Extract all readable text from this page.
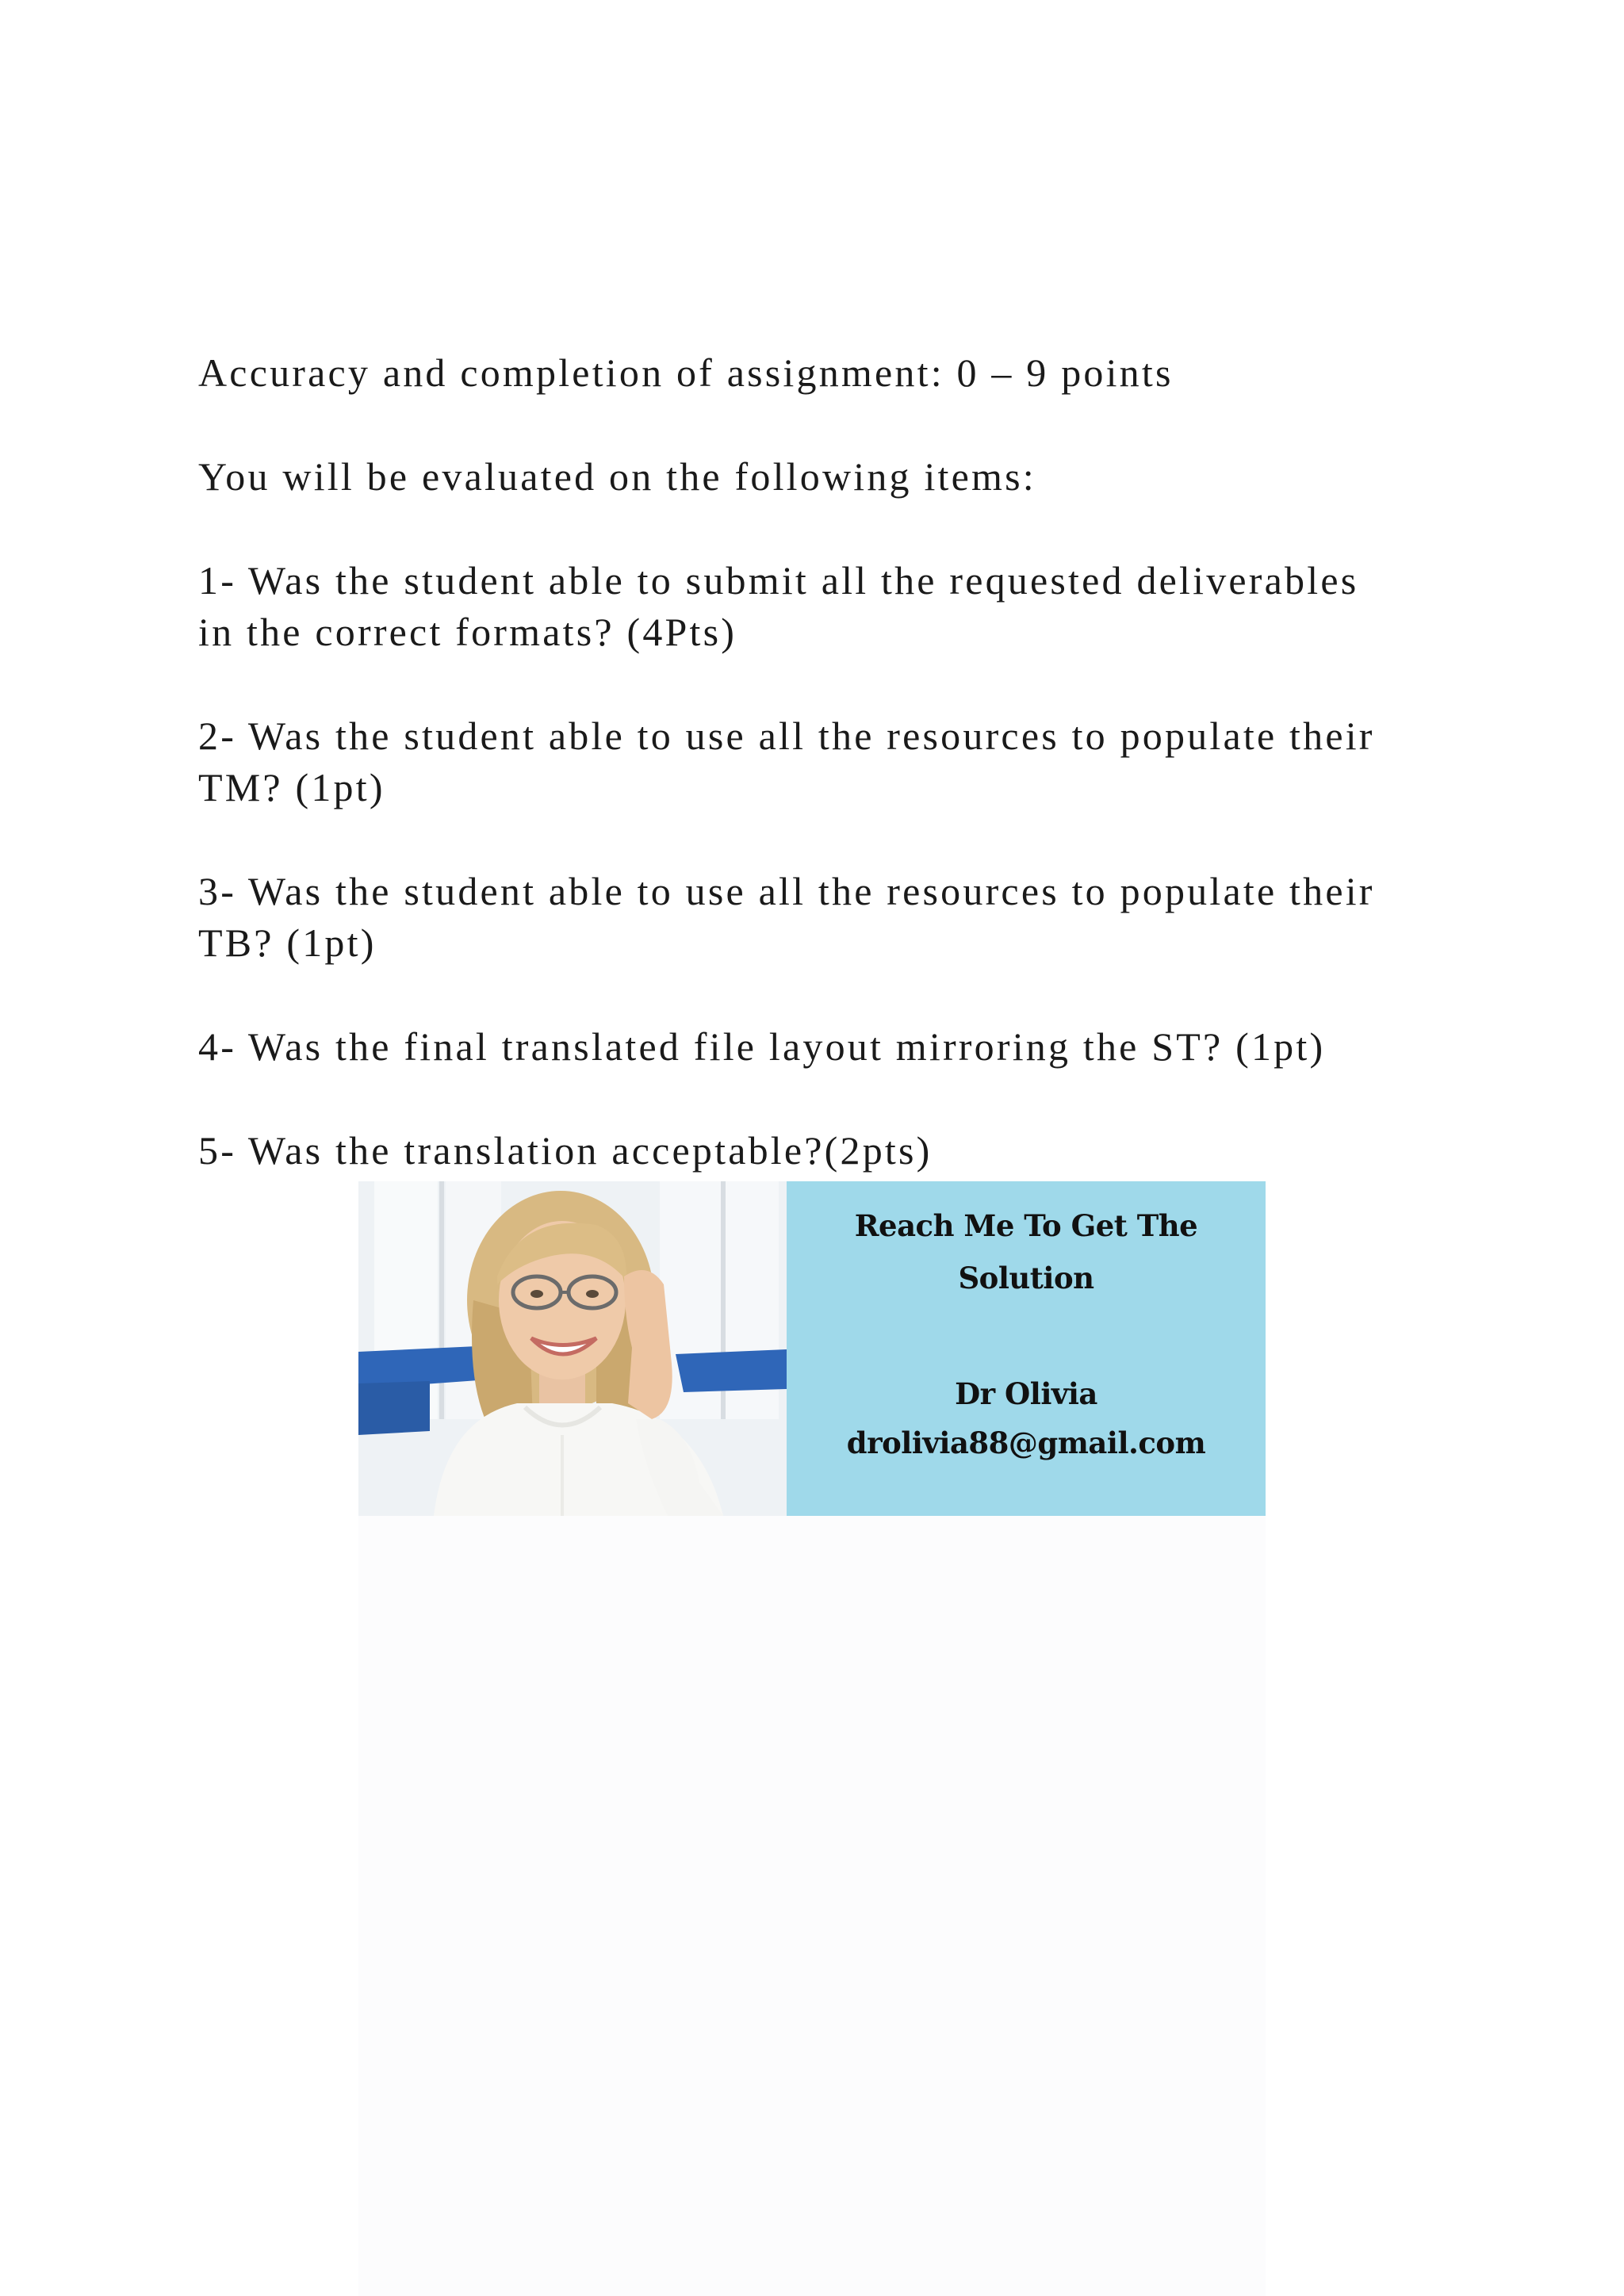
Accuracy and completion of assignment: 0 – 9 points

You will be evaluated on the following items:

1- Was the student able to submit all the requested deliverables
in the correct formats? (4Pts)

2- Was the student able to use all the resources to populate their
TM? (1pt)

3- Was the student able to use all the resources to populate their
TB? (1pt)

4- Was the final translated file layout mirroring the ST? (1pt)

5- Was the translation acceptable?(2pts)

Reach Me To Get The
Solution
Dr Olivia
drolivia88@gmail.com
